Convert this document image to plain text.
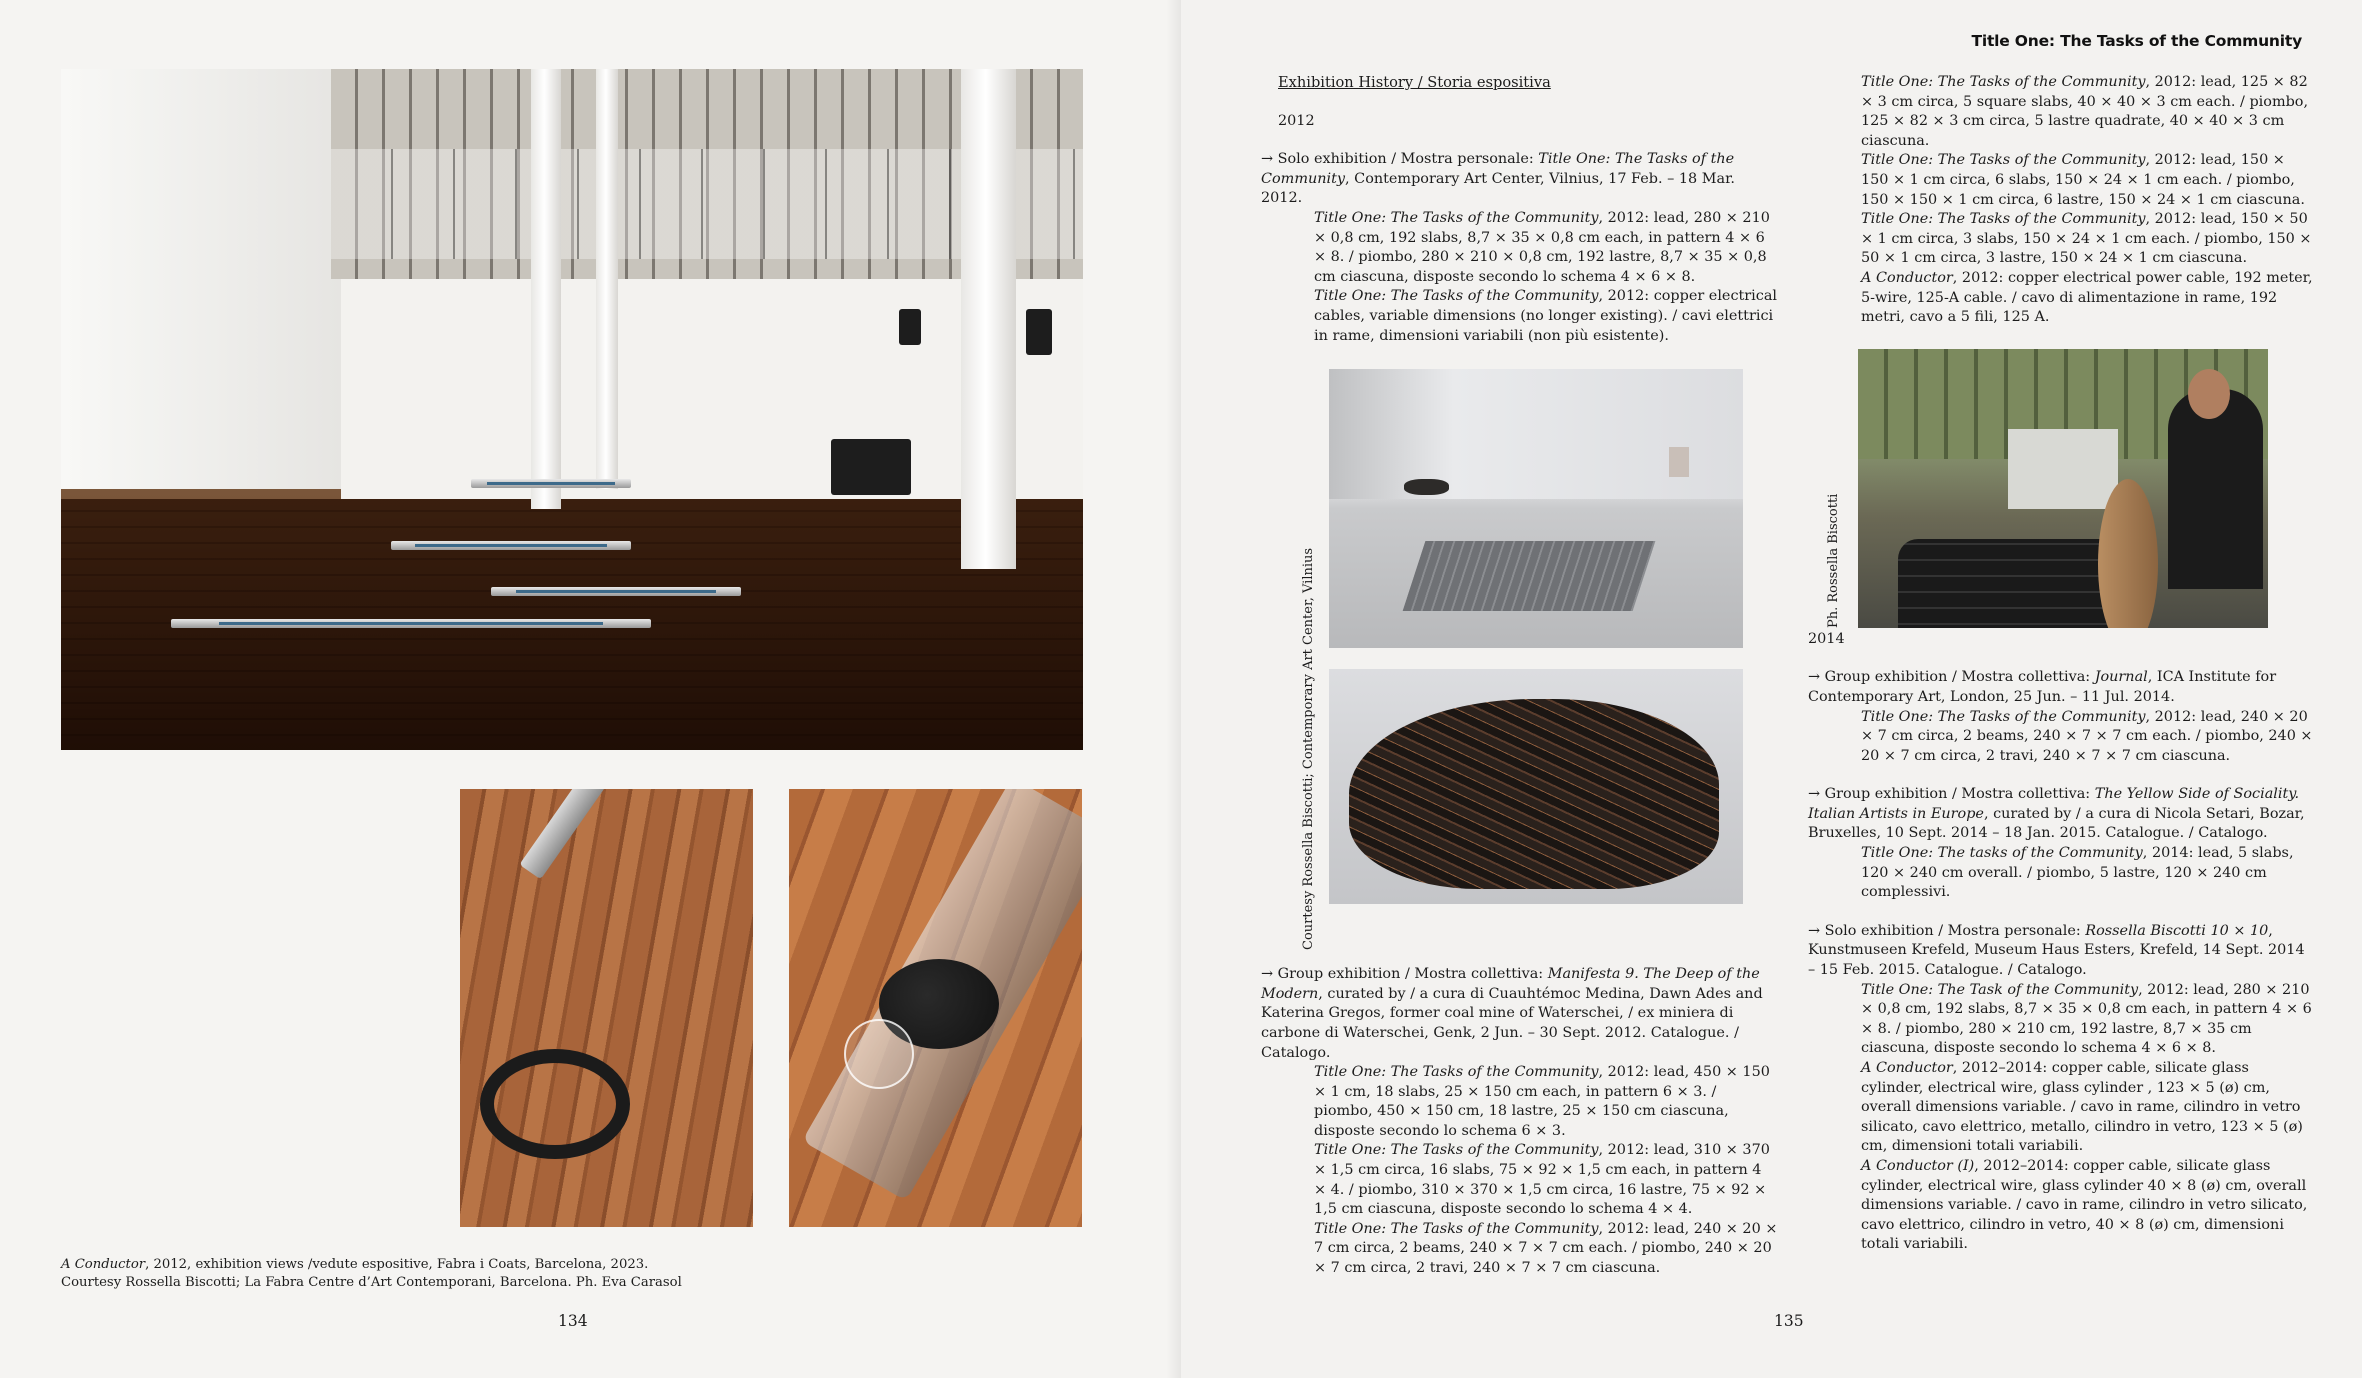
A Conductor, 2012, exhibition views /vedute espositive, Fabra i Coats, Barcelona, 2023.
Courtesy Rossella Biscotti; La Fabra Centre d’Art Contemporani, Barcelona. Ph. Eva Carasol
134
Title One: The Tasks of the Community
Exhibition History / Storia espositiva
2012
→ Solo exhibition / Mostra personale: Title One: The Tasks of the Community, Contemporary Art Center, Vilnius, 17 Feb. – 18 Mar. 2012.
Title One: The Tasks of the Community, 2012: lead, 280 × 210 × 0,8 cm, 192 slabs, 8,7 × 35 × 0,8 cm each, in pattern 4 × 6 × 8. / piombo, 280 × 210 × 0,8 cm, 192 lastre, 8,7 × 35 × 0,8 cm ciascuna, disposte secondo lo schema 4 × 6 × 8.
Title One: The Tasks of the Community, 2012: copper electrical cables, variable dimensions (no longer existing). / cavi elettrici in rame, dimensioni variabili (non più esistente).
→ Group exhibition / Mostra collettiva: Manifesta 9. The Deep of the Modern, curated by / a cura di Cuauhtémoc Medina, Dawn Ades and Katerina Gregos, former coal mine of Waterschei, / ex miniera di carbone di Waterschei, Genk, 2 Jun. – 30 Sept. 2012. Catalogue. / Catalogo.
Title One: The Tasks of the Community, 2012: lead, 450 × 150 × 1 cm, 18 slabs, 25 × 150 cm each, in pattern 6 × 3. / piombo, 450 × 150 cm, 18 lastre, 25 × 150 cm ciascuna, disposte secondo lo schema 6 × 3.
Title One: The Tasks of the Community, 2012: lead, 310 × 370 × 1,5 cm circa, 16 slabs, 75 × 92 × 1,5 cm each, in pattern 4 × 4. / piombo, 310 × 370 × 1,5 cm circa, 16 lastre, 75 × 92 × 1,5 cm ciascuna, disposte secondo lo schema 4 × 4.
Title One: The Tasks of the Community, 2012: lead, 240 × 20 × 7 cm circa, 2 beams, 240 × 7 × 7 cm each. / piombo, 240 × 20 × 7 cm circa, 2 travi, 240 × 7 × 7 cm ciascuna.
Courtesy Rossella Biscotti; Contemporary Art Center, Vilnius
Title One: The Tasks of the Community, 2012: lead, 125 × 82 × 3 cm circa, 5 square slabs, 40 × 40 × 3 cm each. / piombo, 125 × 82 × 3 cm circa, 5 lastre quadrate, 40 × 40 × 3 cm ciascuna.
Title One: The Tasks of the Community, 2012: lead, 150 × 150 × 1 cm circa, 6 slabs, 150 × 24 × 1 cm each. / piombo, 150 × 150 × 1 cm circa, 6 lastre, 150 × 24 × 1 cm ciascuna.
Title One: The Tasks of the Community, 2012: lead, 150 × 50 × 1 cm circa, 3 slabs, 150 × 24 × 1 cm each. / piombo, 150 × 50 × 1 cm circa, 3 lastre, 150 × 24 × 1 cm ciascuna.
A Conductor, 2012: copper electrical power cable, 192 meter, 5-wire, 125-A cable. / cavo di alimentazione in rame, 192 metri, cavo a 5 fili, 125 A.
2014
→ Group exhibition / Mostra collettiva: Journal, ICA Institute for Contemporary Art, London, 25 Jun. – 11 Jul. 2014.
Title One: The Tasks of the Community, 2012: lead, 240 × 20 × 7 cm circa, 2 beams, 240 × 7 × 7 cm each. / piombo, 240 × 20 × 7 cm circa, 2 travi, 240 × 7 × 7 cm ciascuna.
→ Group exhibition / Mostra collettiva: The Yellow Side of Sociality. Italian Artists in Europe, curated by / a cura di Nicola Setari, Bozar, Bruxelles, 10 Sept. 2014 – 18 Jan. 2015. Catalogue. / Catalogo.
Title One: The tasks of the Community, 2014: lead, 5 slabs, 120 × 240 cm overall. / piombo, 5 lastre, 120 × 240 cm complessivi.
→ Solo exhibition / Mostra personale: Rossella Biscotti 10 × 10, Kunstmuseen Krefeld, Museum Haus Esters, Krefeld, 14 Sept. 2014 – 15 Feb. 2015. Catalogue. / Catalogo.
Title One: The Task of the Community, 2012: lead, 280 × 210 × 0,8 cm, 192 slabs, 8,7 × 35 × 0,8 cm each, in pattern 4 × 6 × 8. / piombo, 280 × 210 cm, 192 lastre, 8,7 × 35 cm ciascuna, disposte secondo lo schema 4 × 6 × 8.
A Conductor, 2012–2014: copper cable, silicate glass cylinder, electrical wire, glass cylinder , 123 × 5 (ø) cm, overall dimensions variable. / cavo in rame, cilindro in vetro silicato, cavo elettrico, metallo, cilindro in vetro, 123 × 5 (ø) cm, dimensioni totali variabili.
A Conductor (I), 2012–2014: copper cable, silicate glass cylinder, electrical wire, glass cylinder 40 × 8 (ø) cm, overall dimensions variable. / cavo in rame, cilindro in vetro silicato, cavo elettrico, cilindro in vetro, 40 × 8 (ø) cm, dimensioni totali variabili.
Ph. Rossella Biscotti
135
